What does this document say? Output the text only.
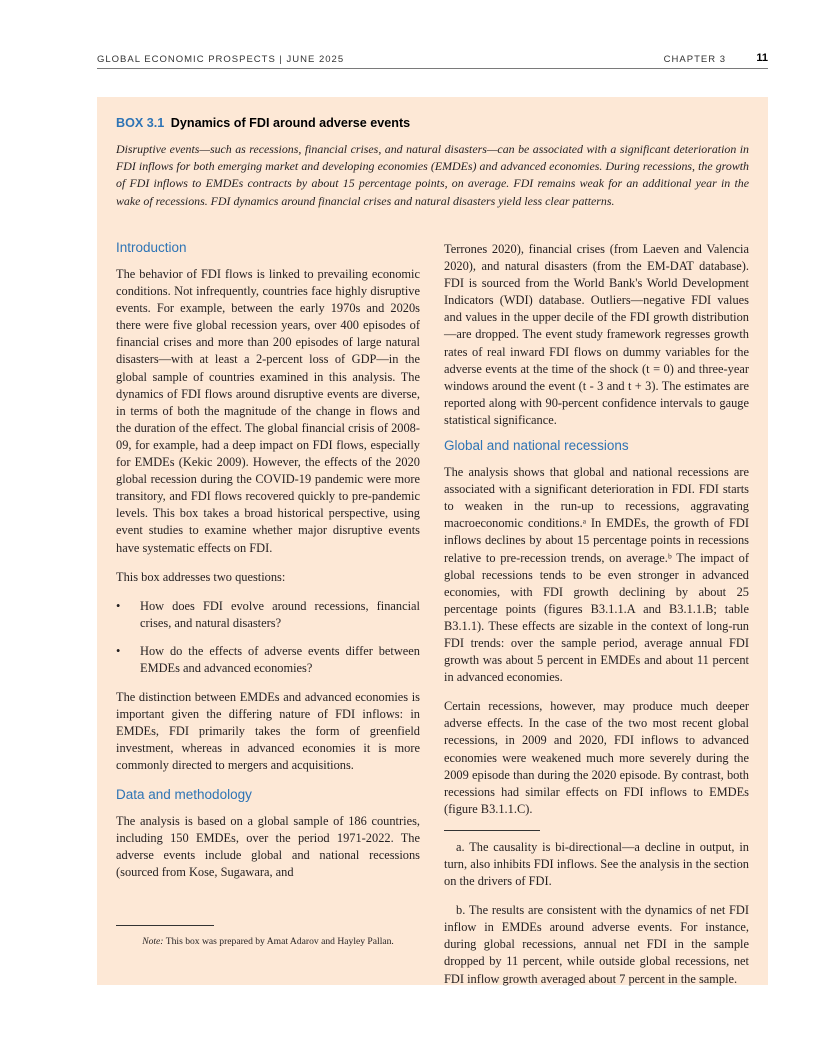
GLOBAL ECONOMIC PROSPECTS | JUNE 2025	CHAPTER 3	11
BOX 3.1 Dynamics of FDI around adverse events
Disruptive events—such as recessions, financial crises, and natural disasters—can be associated with a significant deterioration in FDI inflows for both emerging market and developing economies (EMDEs) and advanced economies. During recessions, the growth of FDI inflows to EMDEs contracts by about 15 percentage points, on average. FDI remains weak for an additional year in the wake of recessions. FDI dynamics around financial crises and natural disasters yield less clear patterns.
Introduction

The behavior of FDI flows is linked to prevailing economic conditions. Not infrequently, countries face highly disruptive events. For example, between the early 1970s and 2020s there were five global recession years, over 400 episodes of financial crises and more than 200 episodes of large natural disasters—with at least a 2-percent loss of GDP—in the global sample of countries examined in this analysis. The dynamics of FDI flows around disruptive events are diverse, in terms of both the magnitude of the change in flows and the duration of the effect. The global financial crisis of 2008-09, for example, had a deep impact on FDI flows, especially for EMDEs (Kekic 2009). However, the effects of the 2020 global recession during the COVID-19 pandemic were more transitory, and FDI flows recovered quickly to pre-pandemic levels. This box takes a broad historical perspective, using event studies to examine whether major disruptive events have systematic effects on FDI.

This box addresses two questions:

• How does FDI evolve around recessions, financial crises, and natural disasters?
• How do the effects of adverse events differ between EMDEs and advanced economies?

The distinction between EMDEs and advanced economies is important given the differing nature of FDI inflows: in EMDEs, FDI primarily takes the form of greenfield investment, whereas in advanced economies it is more commonly directed to mergers and acquisitions.

Data and methodology

The analysis is based on a global sample of 186 countries, including 150 EMDEs, over the period 1971-2022. The adverse events include global and national recessions (sourced from Kose, Sugawara, and

Note: This box was prepared by Amat Adarov and Hayley Pallan.

Terrones 2020), financial crises (from Laeven and Valencia 2020), and natural disasters (from the EM-DAT database). FDI is sourced from the World Bank's World Development Indicators (WDI) database. Outliers—negative FDI values and values in the upper decile of the FDI growth distribution—are dropped. The event study framework regresses growth rates of real inward FDI flows on dummy variables for the adverse events at the time of the shock (t = 0) and three-year windows around the event (t - 3 and t + 3). The estimates are reported along with 90-percent confidence intervals to gauge statistical significance.

Global and national recessions

The analysis shows that global and national recessions are associated with a significant deterioration in FDI. FDI starts to weaken in the run-up to recessions, aggravating macroeconomic conditions.ᵃ In EMDEs, the growth of FDI inflows declines by about 15 percentage points in recessions relative to pre-recession trends, on average.ᵇ The impact of global recessions tends to be even stronger in advanced economies, with FDI growth declining by about 25 percentage points (figures B3.1.1.A and B3.1.1.B; table B3.1.1). These effects are sizable in the context of long-run FDI trends: over the sample period, average annual FDI growth was about 5 percent in EMDEs and about 11 percent in advanced economies.

Certain recessions, however, may produce much deeper adverse effects. In the case of the two most recent global recessions, in 2009 and 2020, FDI inflows to advanced economies were weakened much more severely during the 2009 episode than during the 2020 episode. By contrast, both recessions had similar effects on FDI inflows to EMDEs (figure B3.1.1.C).

a. The causality is bi-directional—a decline in output, in turn, also inhibits FDI inflows. See the analysis in the section on the drivers of FDI.

b. The results are consistent with the dynamics of net FDI inflow in EMDEs around adverse events. For instance, during global recessions, annual net FDI in the sample dropped by 11 percent, while outside global recessions, net FDI inflow growth averaged about 7 percent in the sample.
